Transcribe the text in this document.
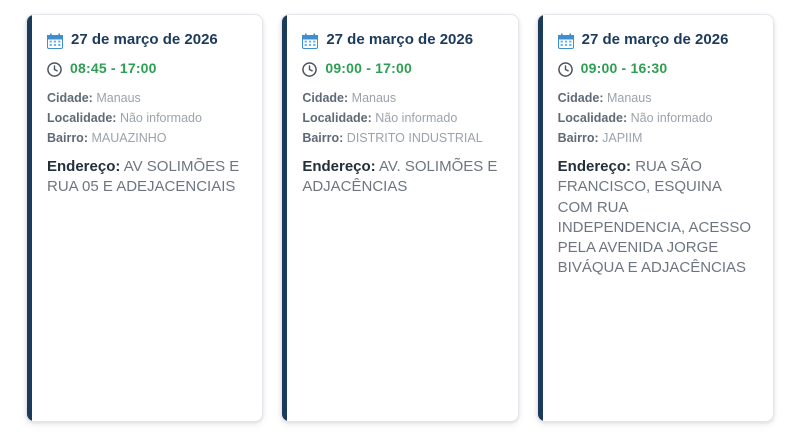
27 de março de 2026
08:45 - 17:00
Cidade: Manaus
Localidade: Não informado
Bairro: MAUAZINHO
Endereço: AV SOLIMÕES E RUA 05 E ADEJACENCIAIS
27 de março de 2026
09:00 - 17:00
Cidade: Manaus
Localidade: Não informado
Bairro: DISTRITO INDUSTRIAL
Endereço: AV. SOLIMÕES E ADJACÊNCIAS
27 de março de 2026
09:00 - 16:30
Cidade: Manaus
Localidade: Não informado
Bairro: JAPIIM
Endereço: RUA SÃO FRANCISCO, ESQUINA COM RUA INDEPENDENCIA, ACESSO PELA AVENIDA JORGE BIVÁQUA E ADJACÊNCIAS
